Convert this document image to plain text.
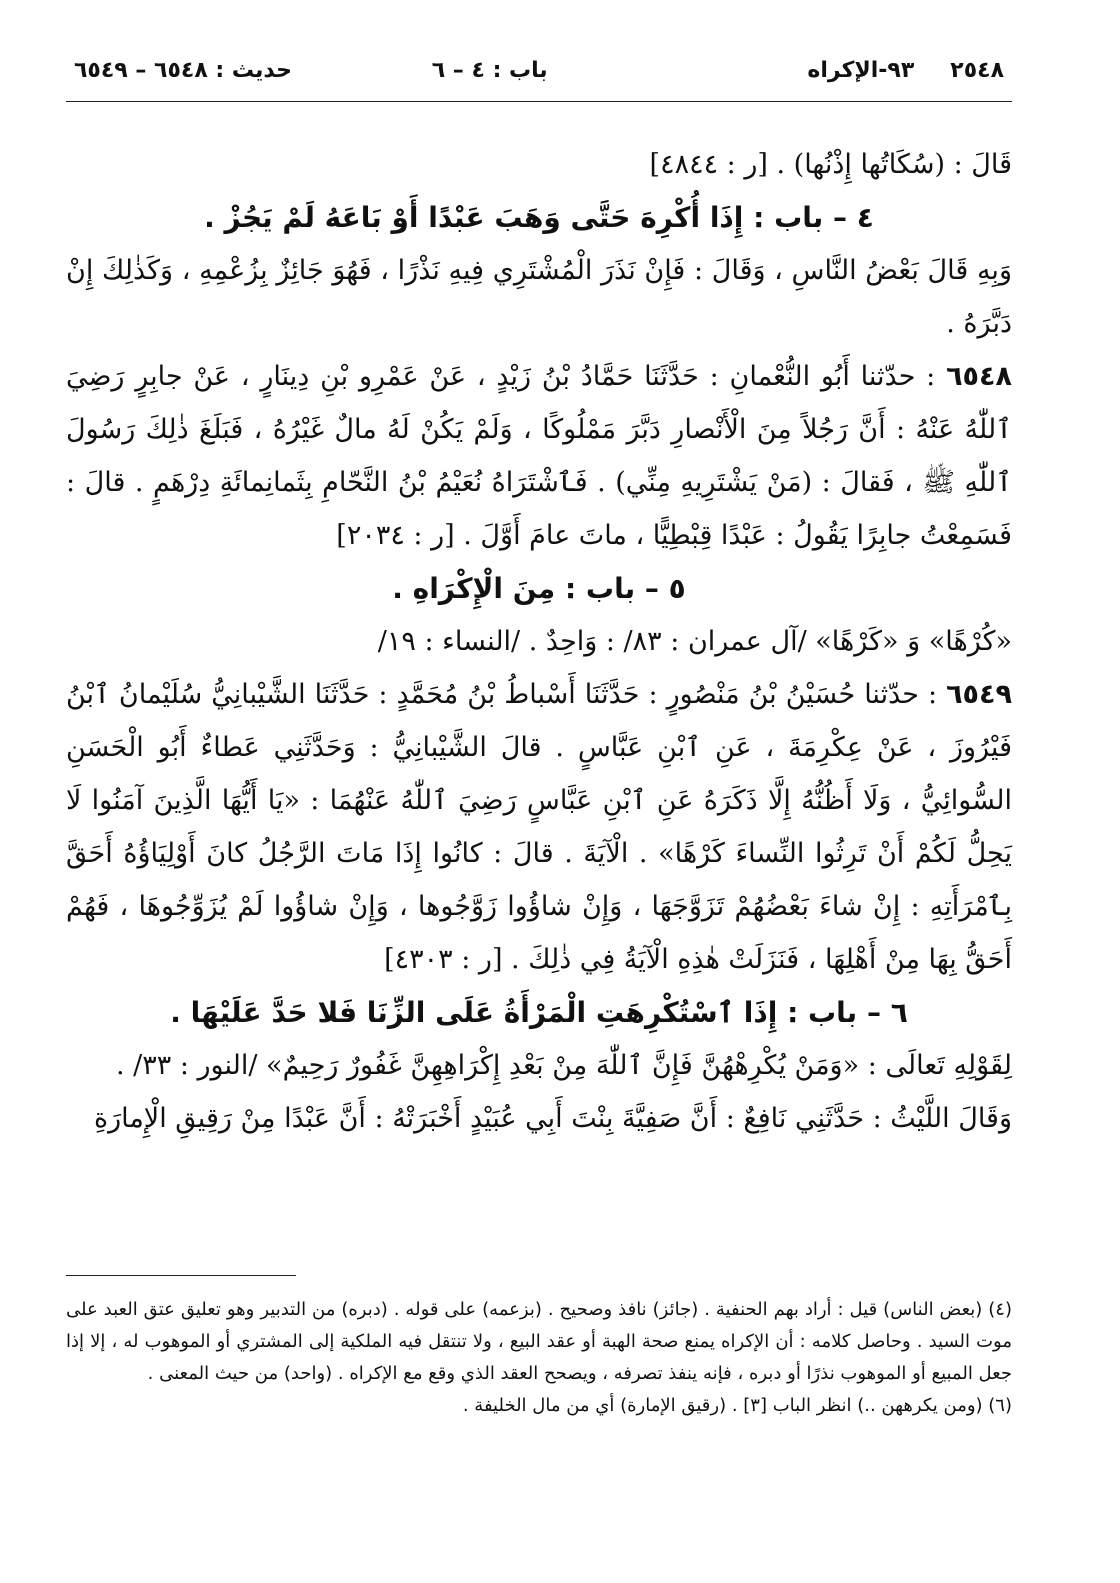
٢٥٤٨
٩٣-الإكراه
باب : ٤ – ٦
حديث : ٦٥٤٨ – ٦٥٤٩

قَالَ : (سُكَاتُها إِذْنُها) . [ر : ٤٨٤٤]

٤ – باب : إِذَا أُكْرِهَ حَتَّى وَهَبَ عَبْدًا أَوْ بَاعَهُ لَمْ يَجُزْ .

وَبِهِ قَالَ بَعْضُ النَّاسِ ، وَقَالَ : فَإِنْ نَذَرَ الْمُشْتَرِي فِيهِ نَذْرًا ، فَهُوَ جَائِزٌ بِزُعْمِهِ ، وَكَذٰلِكَ إِنْ دَبَّرَهُ .

٦٥٤٨ : حدّثنا أَبُو النُّعْمانِ : حَدَّثَنَا حَمَّادُ بْنُ زَيْدٍ ، عَنْ عَمْرِو بْنِ دِينَارٍ ، عَنْ جابِرٍ رَضِيَ ٱللّٰهُ عَنْهُ : أَنَّ رَجُلاً مِنَ الْأَنْصارِ دَبَّرَ مَمْلُوكًا ، وَلَمْ يَكُنْ لَهُ مالٌ غَيْرُهُ ، فَبَلَغَ ذٰلِكَ رَسُولَ ٱللّٰهِ ﷺ ، فَقالَ : (مَنْ يَشْتَرِيهِ مِنِّي) . فَٱشْتَرَاهُ نُعَيْمُ بْنُ النَّحّامِ بِثَمانِمائَةِ دِرْهَمٍ . قالَ : فَسَمِعْتُ جابِرًا يَقُولُ : عَبْدًا قِبْطِيًّا ، ماتَ عامَ أَوَّلَ . [ر : ٢٠٣٤]

٥ – باب : مِنَ الْإِكْرَاهِ .

«كُرْهًا» وَ «كَرْهًا» /آل عمران : ٨٣/ : وَاحِدٌ . /النساء : ١٩/

٦٥٤٩ : حدّثنا حُسَيْنُ بْنُ مَنْصُورٍ : حَدَّثَنَا أَسْباطُ بْنُ مُحَمَّدٍ : حَدَّثَنَا الشَّيْبانِيُّ سُلَيْمانُ ٱبْنُ فَيْرُوزَ ، عَنْ عِكْرِمَةَ ، عَنِ ٱبْنِ عَبَّاسٍ . قالَ الشَّيْبانِيُّ : وَحَدَّثَنِي عَطاءٌ أَبُو الْحَسَنِ السُّوائِيُّ ، وَلَا أَظُنُّهُ إِلَّا ذَكَرَهُ عَنِ ٱبْنِ عَبَّاسٍ رَضِيَ ٱللّٰهُ عَنْهُمَا : «يَا أَيُّهَا الَّذِينَ آمَنُوا لَا يَحِلُّ لَكُمْ أَنْ تَرِثُوا النِّساءَ كَرْهًا» . الْآيَةَ . قالَ : كانُوا إِذَا مَاتَ الرَّجُلُ كانَ أَوْلِيَاؤُهُ أَحَقَّ بِٱمْرَأَتِهِ : إِنْ شاءَ بَعْضُهُمْ تَزَوَّجَهَا ، وَإِنْ شاؤُوا زَوَّجُوها ، وَإِنْ شاؤُوا لَمْ يُزَوِّجُوهَا ، فَهُمْ أَحَقُّ بِهَا مِنْ أَهْلِهَا ، فَنَزَلَتْ هٰذِهِ الْآيَةُ فِي ذٰلِكَ . [ر : ٤٣٠٣]

٦ – باب : إِذَا ٱسْتُكْرِهَتِ الْمَرْأَةُ عَلَى الزِّنَا فَلا حَدَّ عَلَيْهَا .

لِقَوْلِهِ تَعالَى : «وَمَنْ يُكْرِهْهُنَّ فَإِنَّ ٱللّٰهَ مِنْ بَعْدِ إِكْرَاهِهِنَّ غَفُورٌ رَحِيمٌ» /النور : ٣٣/ .

وَقَالَ اللَّيْثُ : حَدَّثَنِي نَافِعٌ : أَنَّ صَفِيَّةَ بِنْتَ أَبِي عُبَيْدٍ أَخْبَرَتْهُ : أَنَّ عَبْدًا مِنْ رَقِيقِ الْإِمارَةِ

(٤) (بعض الناس) قيل : أراد بهم الحنفية . (جائز) نافذ وصحيح . (بزعمه) على قوله . (دبره) من التدبير وهو تعليق عتق العبد على موت السيد . وحاصل كلامه : أن الإكراه يمنع صحة الهبة أو عقد البيع ، ولا تنتقل فيه الملكية إلى المشتري أو الموهوب له ، إلا إذا جعل المبيع أو الموهوب نذرًا أو دبره ، فإنه ينفذ تصرفه ، ويصحح العقد الذي وقع مع الإكراه . (واحد) من حيث المعنى .

(٦) (ومن يكرههن ..) انظر الباب [٣] . (رقيق الإمارة) أي من مال الخليفة .
